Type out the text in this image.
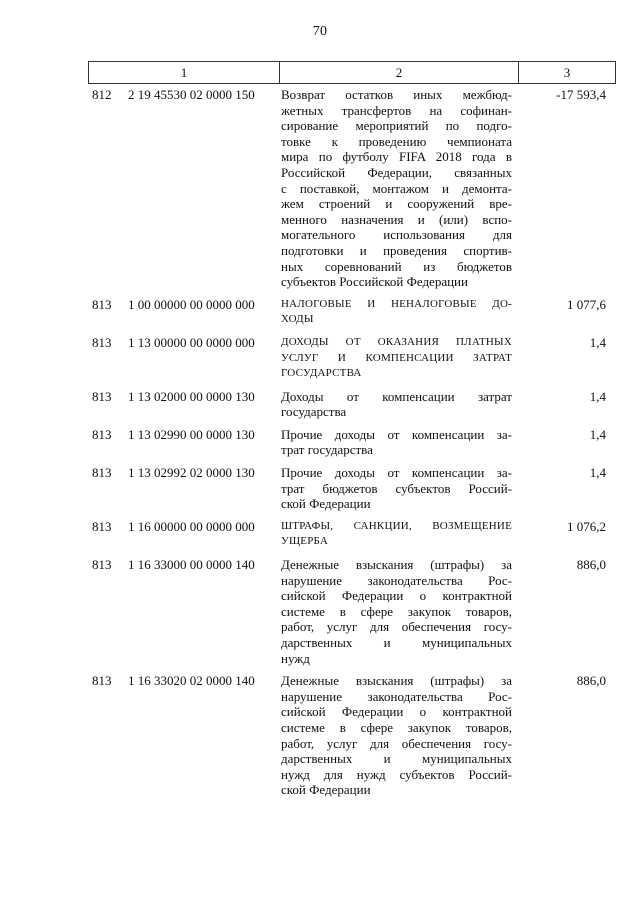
70
1	2	3
812	2 19 45530 02 0000 150	Возврат остатков иных межбюд-
жетных трансфертов на софинан-
сирование мероприятий по подго-
товке к проведению чемпионата
мира по футболу FIFA 2018 года в
Российской Федерации, связанных
с поставкой, монтажом и демонта-
жем строений и сооружений вре-
менного назначения и (или) вспо-
могательного использования для
подготовки и проведения спортив-
ных соревнований из бюджетов
субъектов Российской Федерации
-17 593,4
813	1 00 00000 00 0000 000	НАЛОГОВЫЕ И НЕНАЛОГОВЫЕ ДО-
ХОДЫ
1 077,6
813	1 13 00000 00 0000 000	ДОХОДЫ ОТ ОКАЗАНИЯ ПЛАТНЫХ
УСЛУГ И КОМПЕНСАЦИИ ЗАТРАТ
ГОСУДАРСТВА
1,4
813	1 13 02000 00 0000 130	Доходы от компенсации затрат
государства
1,4
813	1 13 02990 00 0000 130	Прочие доходы от компенсации за-
трат государства
1,4
813	1 13 02992 02 0000 130	Прочие доходы от компенсации за-
трат бюджетов субъектов Россий-
ской Федерации
1,4
813	1 16 00000 00 0000 000	ШТРАФЫ, САНКЦИИ, ВОЗМЕЩЕНИЕ
УЩЕРБА
1 076,2
813	1 16 33000 00 0000 140	Денежные взыскания (штрафы) за
нарушение законодательства Рос-
сийской Федерации о контрактной
системе в сфере закупок товаров,
работ, услуг для обеспечения госу-
дарственных и муниципальных
нужд
886,0
813	1 16 33020 02 0000 140	Денежные взыскания (штрафы) за
нарушение законодательства Рос-
сийской Федерации о контрактной
системе в сфере закупок товаров,
работ, услуг для обеспечения госу-
дарственных и муниципальных
нужд для нужд субъектов Россий-
ской Федерации
886,0
